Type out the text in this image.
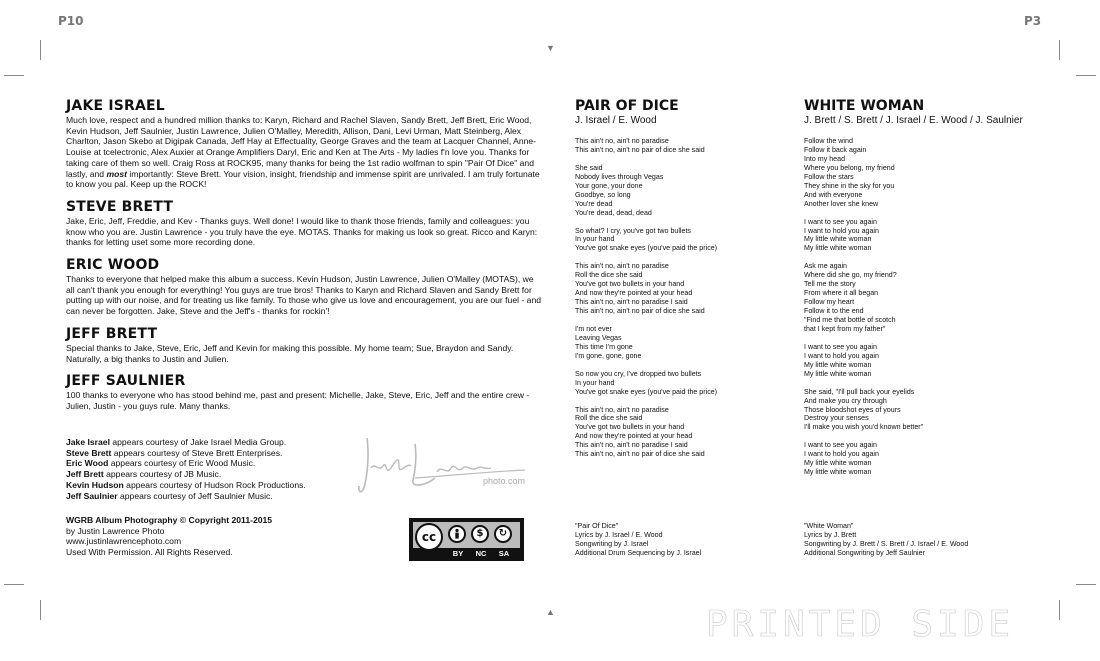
P10	P3
▼
▲
JAKE ISRAEL

Much love, respect and a hundred million thanks to: Karyn, Richard and Rachel Slaven, Sandy Brett, Jeff Brett, Eric Wood, Kevin Hudson, Jeff Saulnier, Justin Lawrence, Julien O'Malley, Meredith, Allison, Dani, Levi Urman, Matt Steinberg, Alex Charlton, Jason Skebo at Digipak Canada, Jeff Hay at Effectuality, George Graves and the team at Lacquer Channel, Anne-Louise at tcelectronic, Alex Auxier at Orange Amplifiers Daryl, Eric and Ken at The Arts - My ladies f'n love you. Thanks for taking care of them so well. Craig Ross at ROCK95, many thanks for being the 1st radio wolfman to spin "Pair Of Dice" and lastly, and most importantly: Steve Brett. Your vision, insight, friendship and immense spirit are unrivaled. I am truly fortunate to know you pal. Keep up the ROCK!

STEVE BRETT

Jake, Eric, Jeff, Freddie, and Kev - Thanks guys. Well done! I would like to thank those friends, family and colleagues: you know who you are. Justin Lawrence - you truly have the eye. MOTAS. Thanks for making us look so great. Ricco and Karyn: thanks for letting uset some more recording done.

ERIC WOOD

Thanks to everyone that helped make this album a success. Kevin Hudson, Justin Lawrence, Julien O'Malley (MOTAS), we all can't thank you enough for everything! You guys are true bros! Thanks to Karyn and Richard Slaven and Sandy Brett for putting up with our noise, and for treating us like family. To those who give us love and encouragement, you are our fuel - and can never be forgotten. Jake, Steve and the Jeff's - thanks for rockin'!

JEFF BRETT

Special thanks to Jake, Steve, Eric, Jeff and Kevin for making this possible. My home team; Sue, Braydon and Sandy. Naturally, a big thanks to Justin and Julien.

JEFF SAULNIER

100 thanks to everyone who has stood behind me, past and present: Michelle, Jake, Steve, Eric, Jeff and the entire crew - Julien, Justin - you guys rule. Many thanks.

Jake Israel appears courtesy of Jake Israel Media Group.
Steve Brett appears courtesy of Steve Brett Enterprises.
Eric Wood appears courtesy of Eric Wood Music.
Jeff Brett appears courtesy of JB Music.
Kevin Hudson appears courtesy of Hudson Rock Productions.
Jeff Saulnier appears courtesy of Jeff Saulnier Music.
WGRB Album Photography © Copyright 2011-2015
by Justin Lawrence Photo
www.justinlawrencephoto.com
Used With Permission. All Rights Reserved.
photo.com
cc	$	↻
BY	NC	SA
PAIR OF DICE
J. Israel / E. Wood
This ain't no, ain't no paradise
This ain't no, ain't no pair of dice she said
She said
Nobody lives through Vegas
Your gone, your done
Goodbye, so long
You're dead
You're dead, dead, dead
So what? I cry, you've got two bullets
In your hand
You've got snake eyes (you've paid the price)
This ain't no, ain't no paradise
Roll the dice she said
You've got two bullets in your hand
And now they're pointed at your head
This ain't no, ain't no paradise I said
This ain't no, ain't no pair of dice she said
I'm not ever
Leaving Vegas
This time I'm gone
I'm gone, gone, gone
So now you cry, I've dropped two bullets
In your hand
You've got snake eyes (you've paid the price)
This ain't no, ain't no paradise
Roll the dice she said
You've got two bullets in your hand
And now they're pointed at your head
This ain't no, ain't no paradise I said
This ain't no, ain't no pair of dice she said
"Pair Of Dice"
Lyrics by J. Israel / E. Wood
Songwriting by J. Israel
Additional Drum Sequencing by J. Israel
WHITE WOMAN
J. Brett / S. Brett / J. Israel / E. Wood / J. Saulnier
Follow the wind
Follow it back again
Into my head
Where you belong, my friend
Follow the stars
They shine in the sky for you
And with everyone
Another lover she knew
I want to see you again
I want to hold you again
My little white woman
My little white woman
Ask me again
Where did she go, my friend?
Tell me the story
From where it all began
Follow my heart
Follow it to the end
"Find me that bottle of scotch
that I kept from my father"
I want to see you again
I want to hold you again
My little white woman
My little white woman
She said, "I'll pull back your eyelids
And make you cry through
Those bloodshot eyes of yours
Destroy your senses
I'll make you wish you'd known better"
I want to see you again
I want to hold you again
My little white woman
My little white woman
"White Woman"
Lyrics by J. Brett
Songwriting by J. Brett / S. Brett / J. Israel / E. Wood
Additional Songwriting by Jeff Saulnier
PRINTED SIDE
